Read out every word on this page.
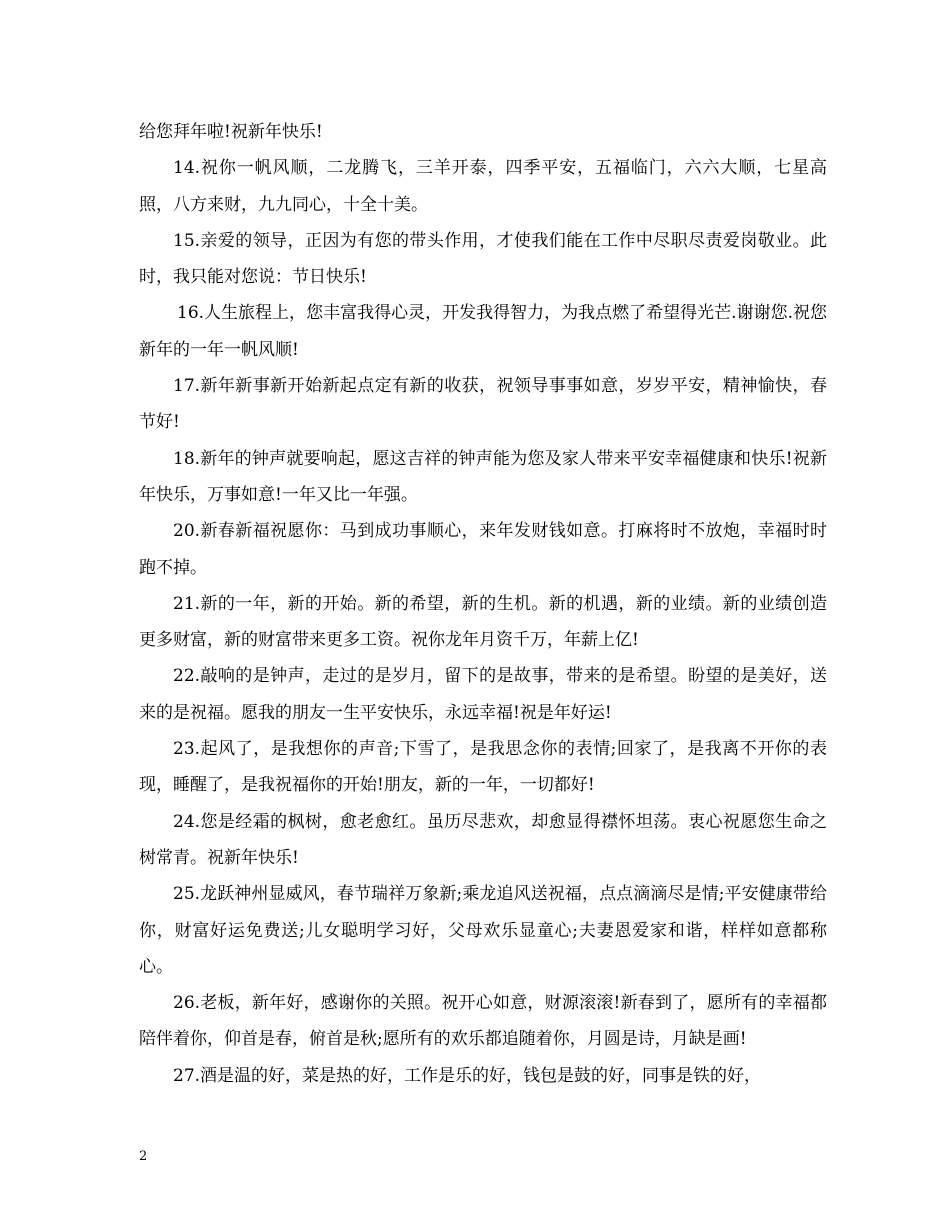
给您拜年啦!祝新年快乐!

14.祝你一帆风顺，二龙腾飞，三羊开泰，四季平安，五福临门，六六大顺，七星高照，八方来财，九九同心，十全十美。

15.亲爱的领导，正因为有您的带头作用，才使我们能在工作中尽职尽责爱岗敬业。此时，我只能对您说：节日快乐!

16.人生旅程上，您丰富我得心灵，开发我得智力，为我点燃了希望得光芒.谢谢您.祝您新年的一年一帆风顺!

17.新年新事新开始新起点定有新的收获，祝领导事事如意，岁岁平安，精神愉快，春节好!

18.新年的钟声就要响起，愿这吉祥的钟声能为您及家人带来平安幸福健康和快乐!祝新年快乐，万事如意!一年又比一年强。

20.新春新福祝愿你：马到成功事顺心，来年发财钱如意。打麻将时不放炮，幸福时时跑不掉。

21.新的一年，新的开始。新的希望，新的生机。新的机遇，新的业绩。新的业绩创造更多财富，新的财富带来更多工资。祝你龙年月资千万，年薪上亿!

22.敲响的是钟声，走过的是岁月，留下的是故事，带来的是希望。盼望的是美好，送来的是祝福。愿我的朋友一生平安快乐，永远幸福!祝是年好运!

23.起风了，是我想你的声音;下雪了，是我思念你的表情;回家了，是我离不开你的表现，睡醒了，是我祝福你的开始!朋友，新的一年，一切都好!

24.您是经霜的枫树，愈老愈红。虽历尽悲欢，却愈显得襟怀坦荡。衷心祝愿您生命之树常青。祝新年快乐!

25.龙跃神州显威风，春节瑞祥万象新;乘龙追风送祝福，点点滴滴尽是情;平安健康带给你，财富好运免费送;儿女聪明学习好，父母欢乐显童心;夫妻恩爱家和谐，样样如意都称心。

26.老板，新年好，感谢你的关照。祝开心如意，财源滚滚!新春到了，愿所有的幸福都陪伴着你，仰首是春，俯首是秋;愿所有的欢乐都追随着你，月圆是诗，月缺是画!

27.酒是温的好，菜是热的好，工作是乐的好，钱包是鼓的好，同事是铁的好，

2
